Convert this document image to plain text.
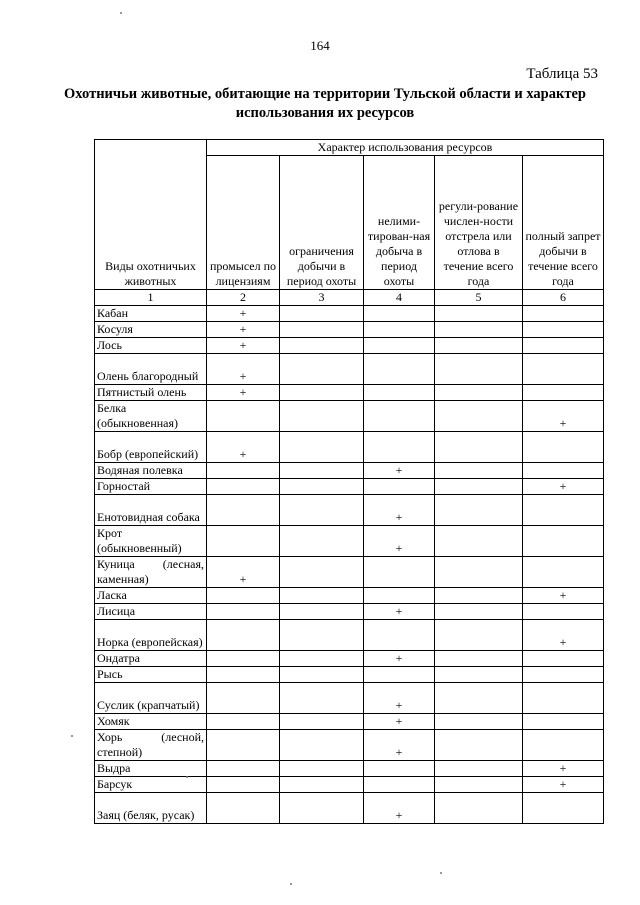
164
Таблица 53
Охотничьи животные, обитающие на территории Тульской области и характер использования их ресурсов
Виды охотничьих животных	Характер использования ресурсов				
	промысел по лицензиям	ограничения добычи в период охоты	нелими-тирован-ная добыча в период охоты	регули-рование числен-ности отстрела или отлова в течение всего года	полный запрет добычи в течение всего года
1	2	3	4	5	6
Кабан	+				
Косуля	+				
Лось	+				
Олень благородный	+				
Пятнистый олень	+				
Белка (обыкновенная)					+
Бобр (европейский)	+				
Водяная полевка			+		
Горностай					+
Енотовидная собака			+		
Крот (обыкновенный)			+		
Куница (лесная, каменная)	+				
Ласка					+
Лисица			+		
Норка (европейская)					+
Ондатра			+		
Рысь					
Суслик (крапчатый)			+		
Хомяк			+		
Хорь (лесной, степной)			+		
Выдра					+
Барсук					+
Заяц (беляк, русак)			+		
